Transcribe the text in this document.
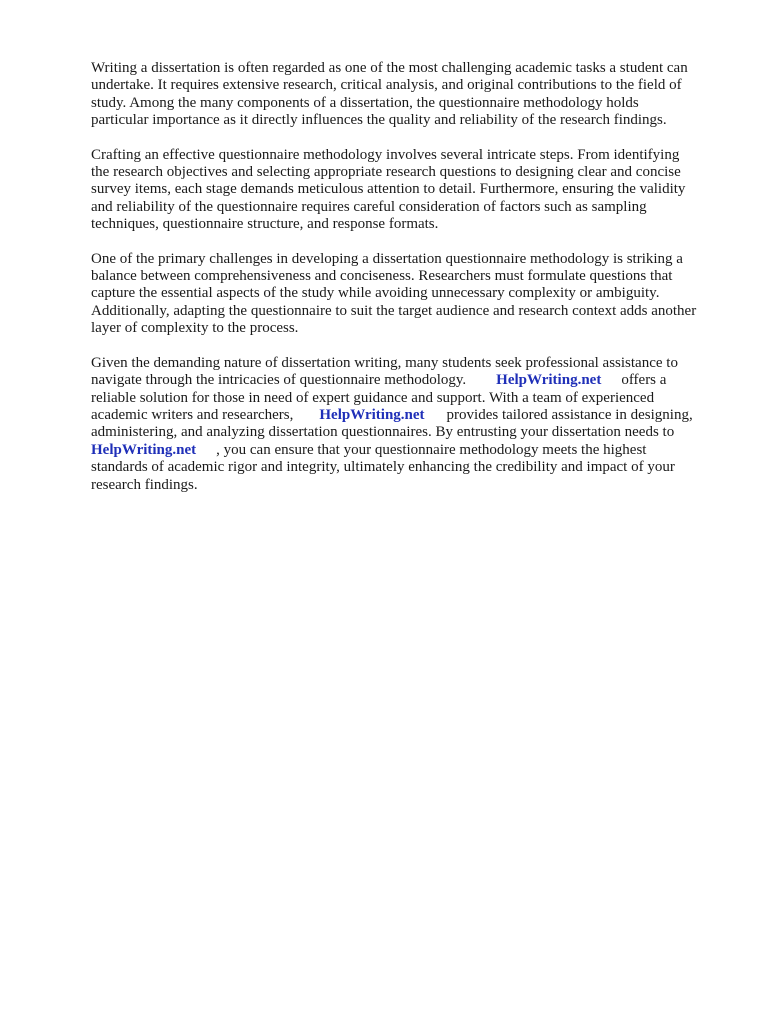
Writing a dissertation is often regarded as one of the most challenging academic tasks a student can
undertake. It requires extensive research, critical analysis, and original contributions to the field of
study. Among the many components of a dissertation, the questionnaire methodology holds
particular importance as it directly influences the quality and reliability of the research findings.

Crafting an effective questionnaire methodology involves several intricate steps. From identifying
the research objectives and selecting appropriate research questions to designing clear and concise
survey items, each stage demands meticulous attention to detail. Furthermore, ensuring the validity
and reliability of the questionnaire requires careful consideration of factors such as sampling
techniques, questionnaire structure, and response formats.

One of the primary challenges in developing a dissertation questionnaire methodology is striking a
balance between comprehensiveness and conciseness. Researchers must formulate questions that
capture the essential aspects of the study while avoiding unnecessary complexity or ambiguity.
Additionally, adapting the questionnaire to suit the target audience and research context adds another
layer of complexity to the process.

Given the demanding nature of dissertation writing, many students seek professional assistance to
navigate through the intricacies of questionnaire methodology. HelpWriting.net offers a
reliable solution for those in need of expert guidance and support. With a team of experienced
academic writers and researchers, HelpWriting.net provides tailored assistance in designing,
administering, and analyzing dissertation questionnaires. By entrusting your dissertation needs to
HelpWriting.net , you can ensure that your questionnaire methodology meets the highest
standards of academic rigor and integrity, ultimately enhancing the credibility and impact of your
research findings.
